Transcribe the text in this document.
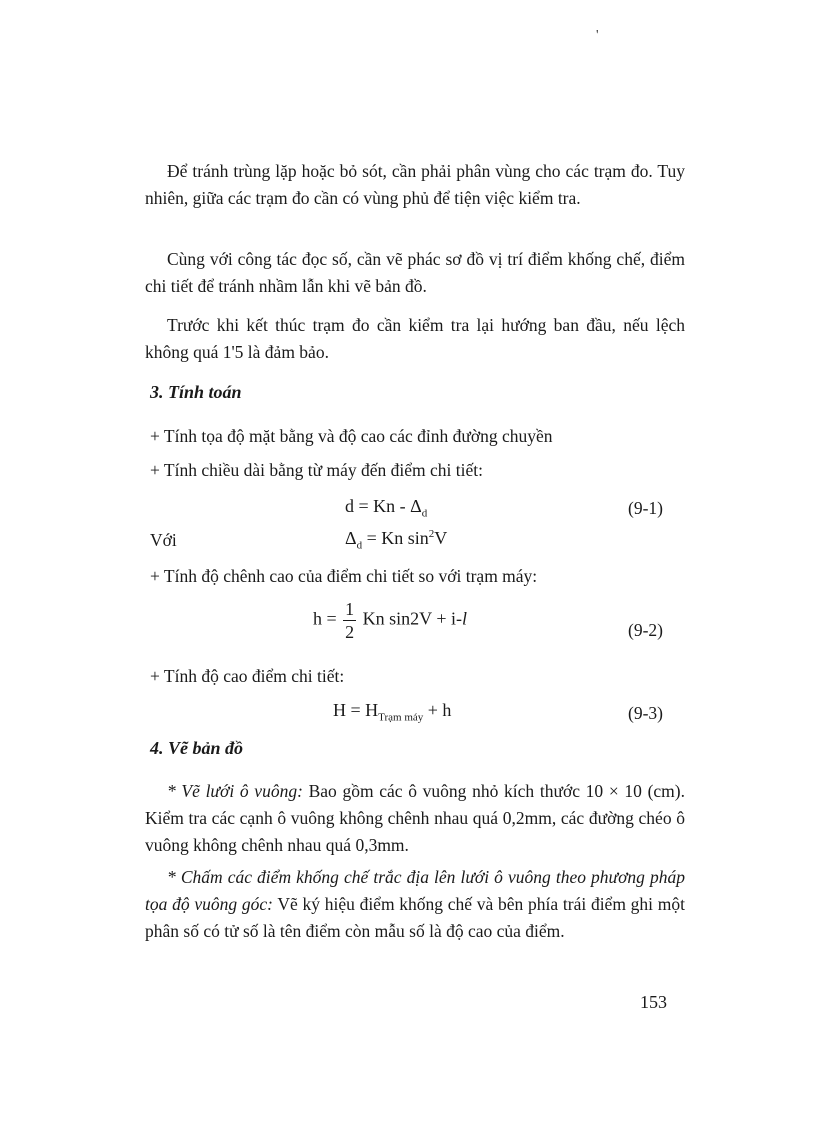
'

Để tránh trùng lặp hoặc bỏ sót, cần phải phân vùng cho các trạm đo. Tuy nhiên, giữa các trạm đo cần có vùng phủ để tiện việc kiểm tra.

Cùng với công tác đọc số, cần vẽ phác sơ đồ vị trí điểm khống chế, điểm chi tiết để tránh nhầm lẫn khi vẽ bản đồ.

Trước khi kết thúc trạm đo cần kiểm tra lại hướng ban đầu, nếu lệch không quá 1'5 là đảm bảo.

3. Tính toán
+ Tính tọa độ mặt bằng và độ cao các đỉnh đường chuyền
+ Tính chiều dài bằng từ máy đến điểm chi tiết:
$d = Kn - \Delta_d$	(9-1)
Với	$\Delta_d = Kn$ $\sin^2V$
+ Tính độ chênh cao của điểm chi tiết so với trạm máy:
$h = \frac{1}{2}$ Kn sin2V + i-l
(9-2)
+ Tính độ cao điểm chi tiết:
$H = H_{Trạm máy} + h$	(9-3)
4. Vẽ bản đồ

* Vẽ lưới ô vuông: Bao gồm các ô vuông nhỏ kích thước 10 × 10 (cm). Kiểm tra các cạnh ô vuông không chênh nhau quá 0,2mm, các đường chéo ô vuông không chênh nhau quá 0,3mm.

* Chấm các điểm khống chế trắc địa lên lưới ô vuông theo phương pháp tọa độ vuông góc: Vẽ ký hiệu điểm khống chế và bên phía trái điểm ghi một phân số có tử số là tên điểm còn mẫu số là độ cao của điểm.

153
